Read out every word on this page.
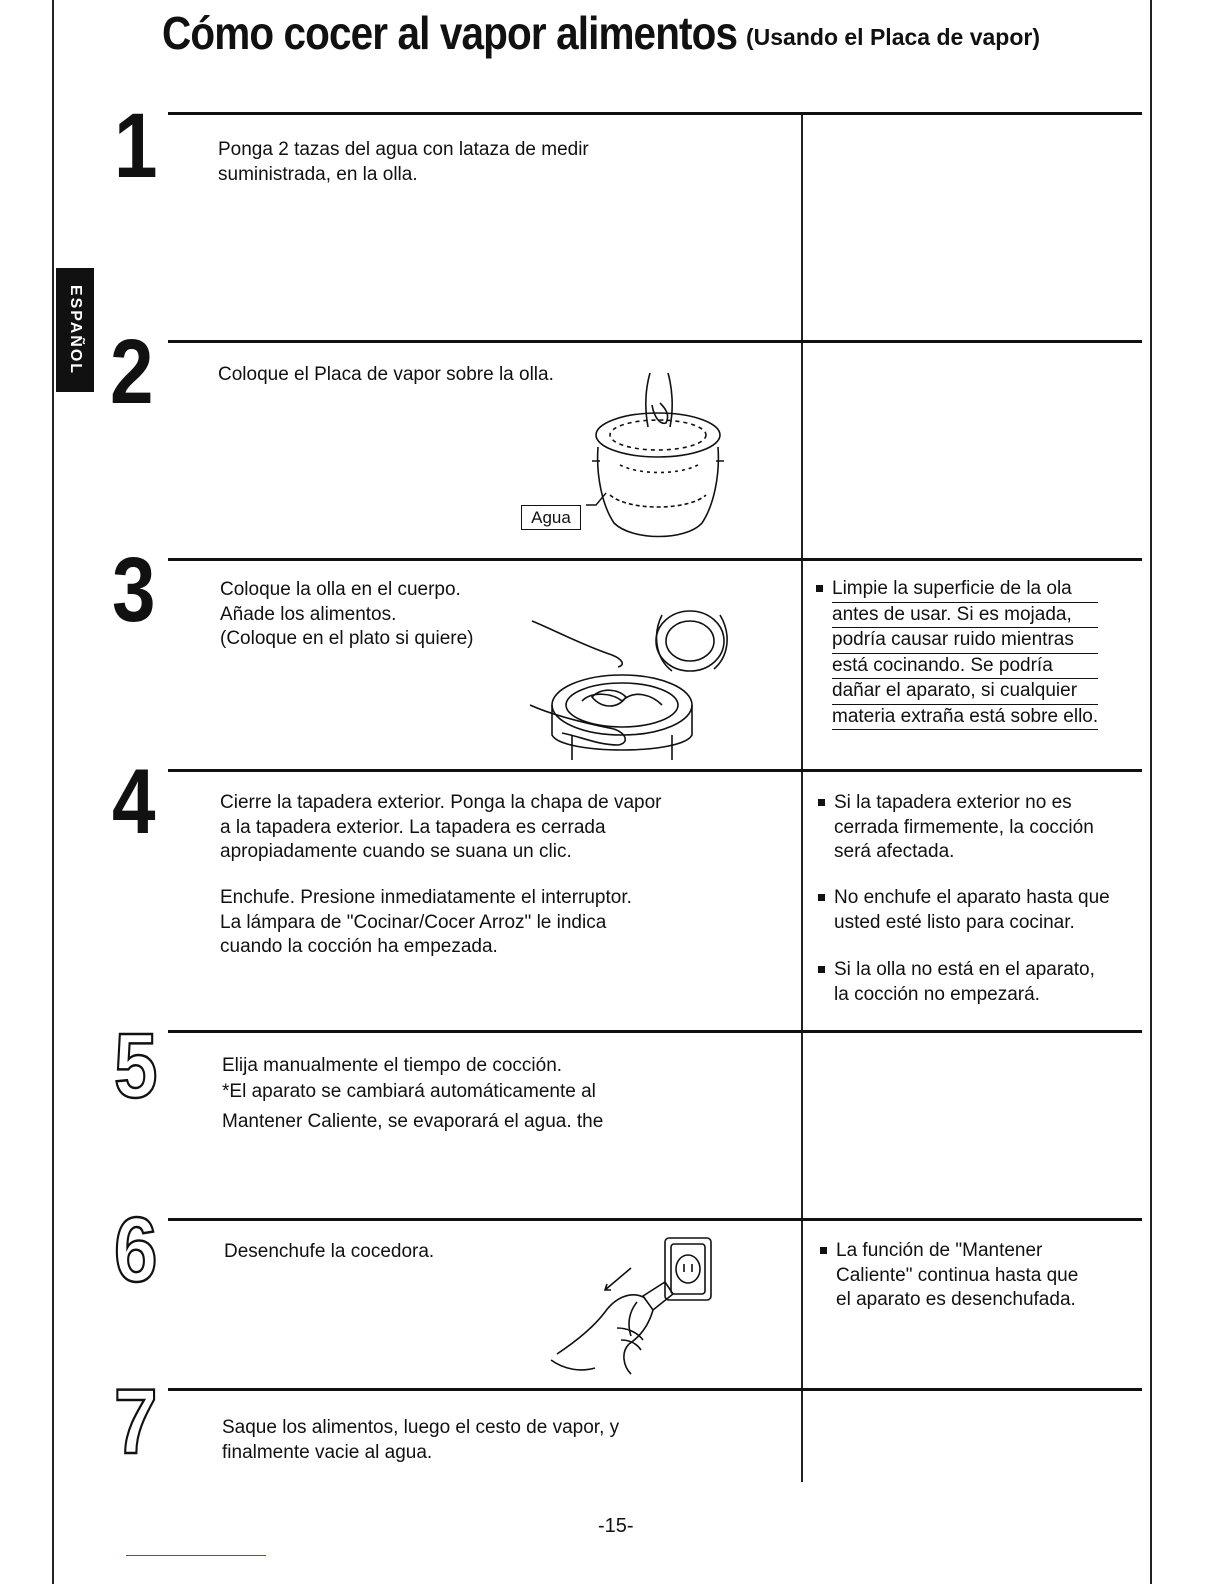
Cómo cocer al vapor alimentos (Usando el Placa de vapor)
ESPAÑOL
1	Ponga 2 tazas del agua con lataza de medir
suministrada, en la olla.
2	Coloque el Placa de vapor sobre la olla.
Agua
3	Coloque la olla en el cuerpo.
Añade los alimentos.
(Coloque en el plato si quiere)
Limpie la superficie de la ola
antes de usar. Si es mojada,
podría causar ruido mientras
está cocinando. Se podría
dañar el aparato, si cualquier
materia extraña está sobre ello.
4	Cierre la tapadera exterior. Ponga la chapa de vapor
a la tapadera exterior. La tapadera es cerrada
apropiadamente cuando se suana un clic.
Enchufe. Presione inmediatamente el interruptor.
La lámpara de "Cocinar/Cocer Arroz" le indica
cuando la cocción ha empezada.
Si la tapadera exterior no es
cerrada firmemente, la cocción
será afectada.
No enchufe el aparato hasta que
usted esté listo para cocinar.
Si la olla no está en el aparato,
la cocción no empezará.
5	Elija manualmente el tiempo de cocción.
*El aparato se cambiará automáticamente al
Mantener Caliente, se evaporará el agua. the
6	Desenchufe la cocedora.	La función de "Mantener
Caliente" continua hasta que
el aparato es desenchufada.
7	Saque los alimentos, luego el cesto de vapor, y
finalmente vacie al agua.
-15-
